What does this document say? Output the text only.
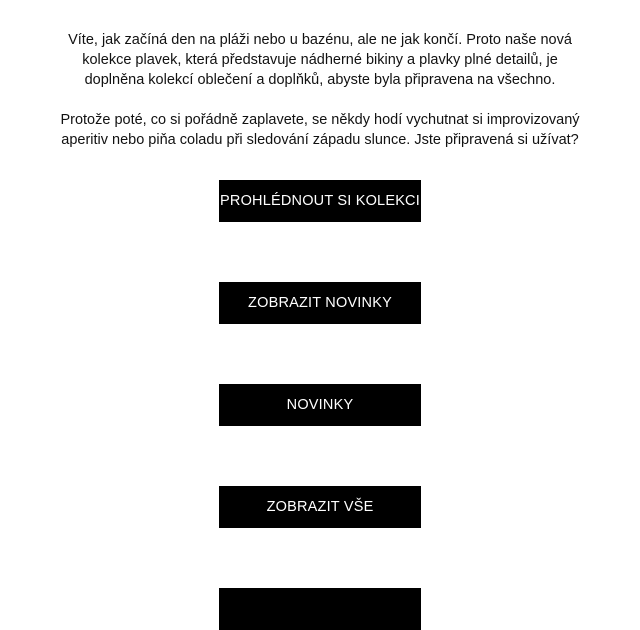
Víte, jak začíná den na pláži nebo u bazénu, ale ne jak končí. Proto naše nová kolekce plavek, která představuje nádherné bikiny a plavky plné detailů, je doplněna kolekcí oblečení a doplňků, abyste byla připravena na všechno.

Protože poté, co si pořádně zaplavete, se někdy hodí vychutnat si improvizovaný aperitiv nebo piňa coladu při sledování západu slunce. Jste připravená si užívat?

PROHLÉDNOUT SI KOLEKCI
ZOBRAZIT NOVINKY
NOVINKY
ZOBRAZIT VŠE
